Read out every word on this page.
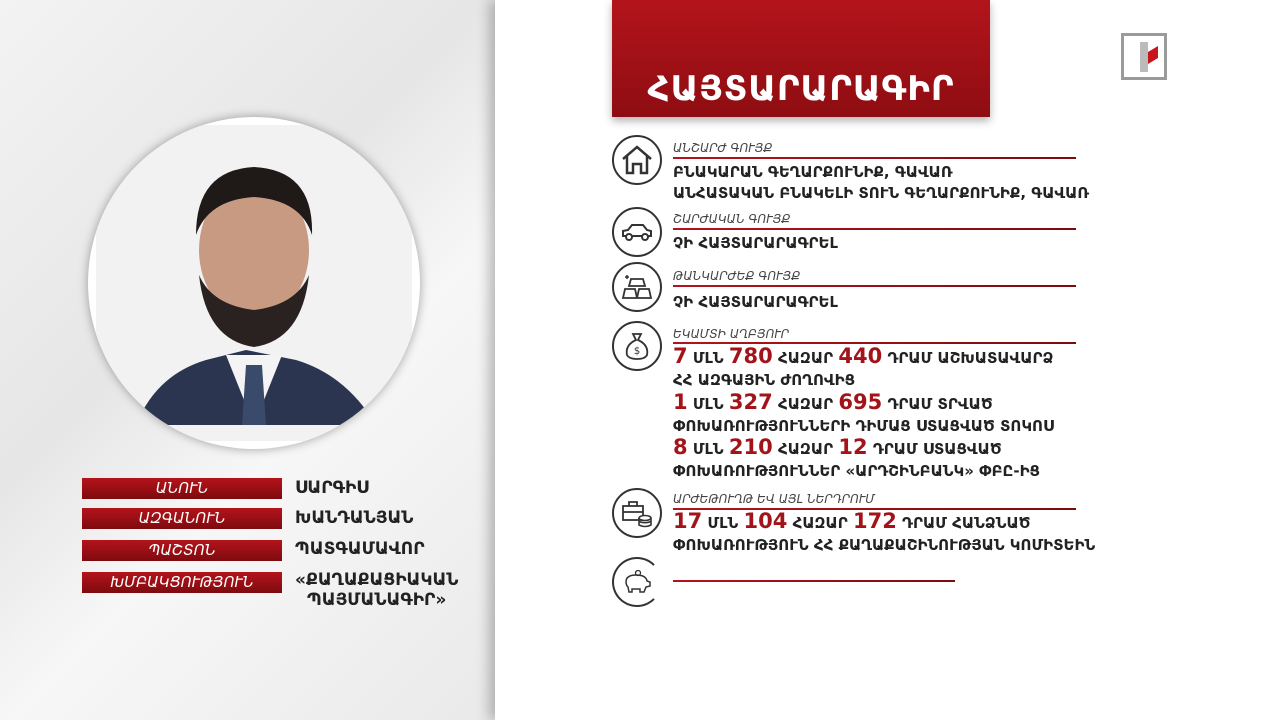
ՀԱՅՏԱՐԱՐԱԳԻՐ
ԱՆՈՒՆ	ՍԱՐԳԻՍ
ԱԶԳԱՆՈՒՆ	ԽԱՆԴԱՆՅԱՆ
ՊԱՇՏՈՆ	ՊԱՏԳԱՄԱՎՈՐ
ԽՄԲԱԿՑՈՒԹՅՈՒՆ	«ՔԱՂԱՔԱՑԻԱԿԱՆ
ՊԱՅՄԱՆԱԳԻՐ»
ԱՆՇԱՐԺ ԳՈՒՅՔ
ԲՆԱԿԱՐԱՆ ԳԵՂԱՐՔՈՒՆԻՔ, ԳԱՎԱՌ
ԱՆՀԱՏԱԿԱՆ ԲՆԱԿԵԼԻ ՏՈՒՆ ԳԵՂԱՐՔՈՒՆԻՔ, ԳԱՎԱՌ
ՇԱՐԺԱԿԱՆ ԳՈՒՅՔ
ՉԻ ՀԱՅՏԱՐԱՐԱԳՐԵԼ
ԹԱՆԿԱՐԺԵՔ ԳՈՒՅՔ
ՉԻ ՀԱՅՏԱՐԱՐԱԳՐԵԼ
$
ԵԿԱՄՏԻ ԱՂԲՅՈՒՐ
7 ՄԼՆ 780 ՀԱԶԱՐ 440 ԴՐԱՄ ԱՇԽԱՏԱՎԱՐՁ
ՀՀ ԱԶԳԱՅԻՆ ԺՈՂՈՎԻՑ
1 ՄԼՆ 327 ՀԱԶԱՐ 695 ԴՐԱՄ ՏՐՎԱԾ
ՓՈԽԱՌՈՒԹՅՈՒՆՆԵՐԻ ԴԻՄԱՑ ՍՏԱՑՎԱԾ ՏՈԿՈՍ
8 ՄԼՆ 210 ՀԱԶԱՐ 12 ԴՐԱՄ ՍՏԱՑՎԱԾ
ՓՈԽԱՌՈՒԹՅՈՒՆՆԵՐ «ԱՐԴՇԻՆԲԱՆԿ» ՓԲԸ-ԻՑ
ԱՐԺԵԹՈՒՂԹ ԵՎ ԱՅԼ ՆԵՐԴՐՈՒՄ
17 ՄԼՆ 104 ՀԱԶԱՐ 172 ԴՐԱՄ ՀԱՆՁՆԱԾ
ՓՈԽԱՌՈՒԹՅՈՒՆ ՀՀ ՔԱՂԱՔԱՇԻՆՈՒԹՅԱՆ ԿՈՄԻՏԵԻՆ
